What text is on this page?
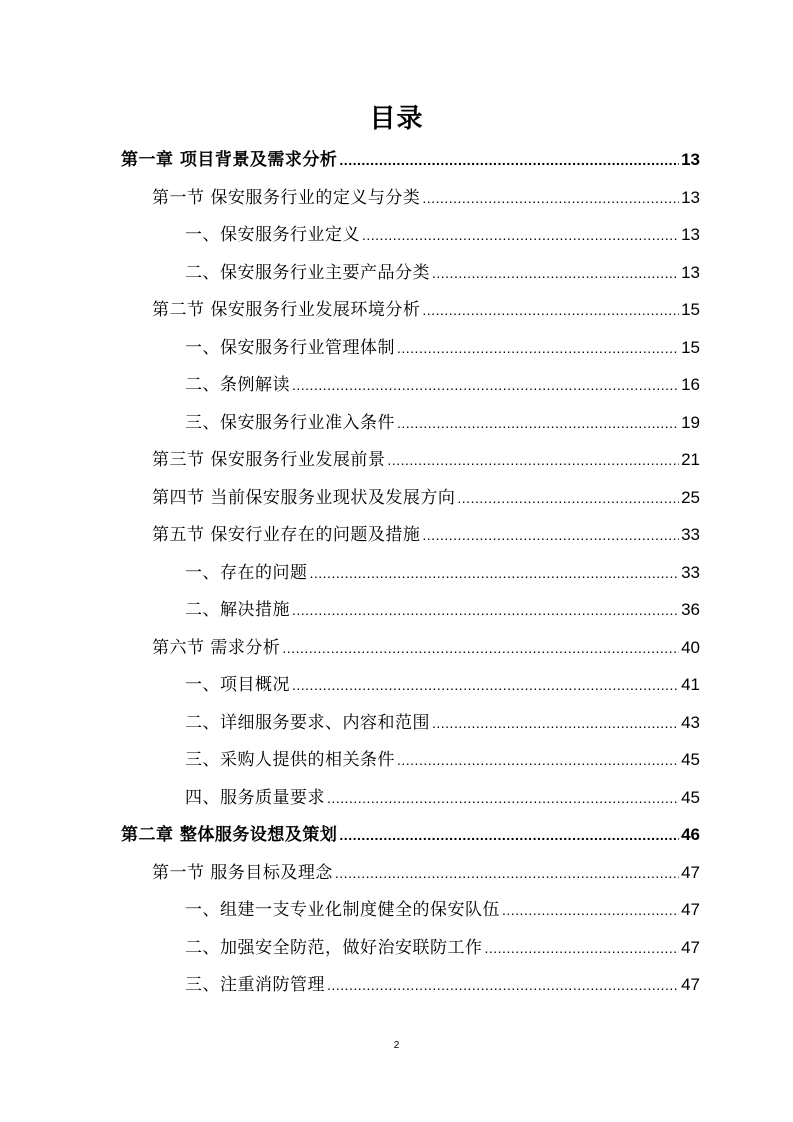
目录
第一章 项目背景及需求分析 .....	13
第一节 保安服务行业的定义与分类 .....	13
一、保安服务行业定义 .....	13
二、保安服务行业主要产品分类 .....	13
第二节 保安服务行业发展环境分析 .....	15
一、保安服务行业管理体制 .....	15
二、条例解读 .....	16
三、保安服务行业准入条件 .....	19
第三节 保安服务行业发展前景 .....	21
第四节 当前保安服务业现状及发展方向 .....	25
第五节 保安行业存在的问题及措施 .....	33
一、存在的问题 .....	33
二、解决措施 .....	36
第六节 需求分析 .....	40
一、项目概况 .....	41
二、详细服务要求、内容和范围 .....	43
三、采购人提供的相关条件 .....	45
四、服务质量要求 .....	45
第二章 整体服务设想及策划 .....	46
第一节 服务目标及理念 .....	47
一、组建一支专业化制度健全的保安队伍 .....	47
二、加强安全防范，做好治安联防工作 .....	47
三、注重消防管理 .....	47
2
